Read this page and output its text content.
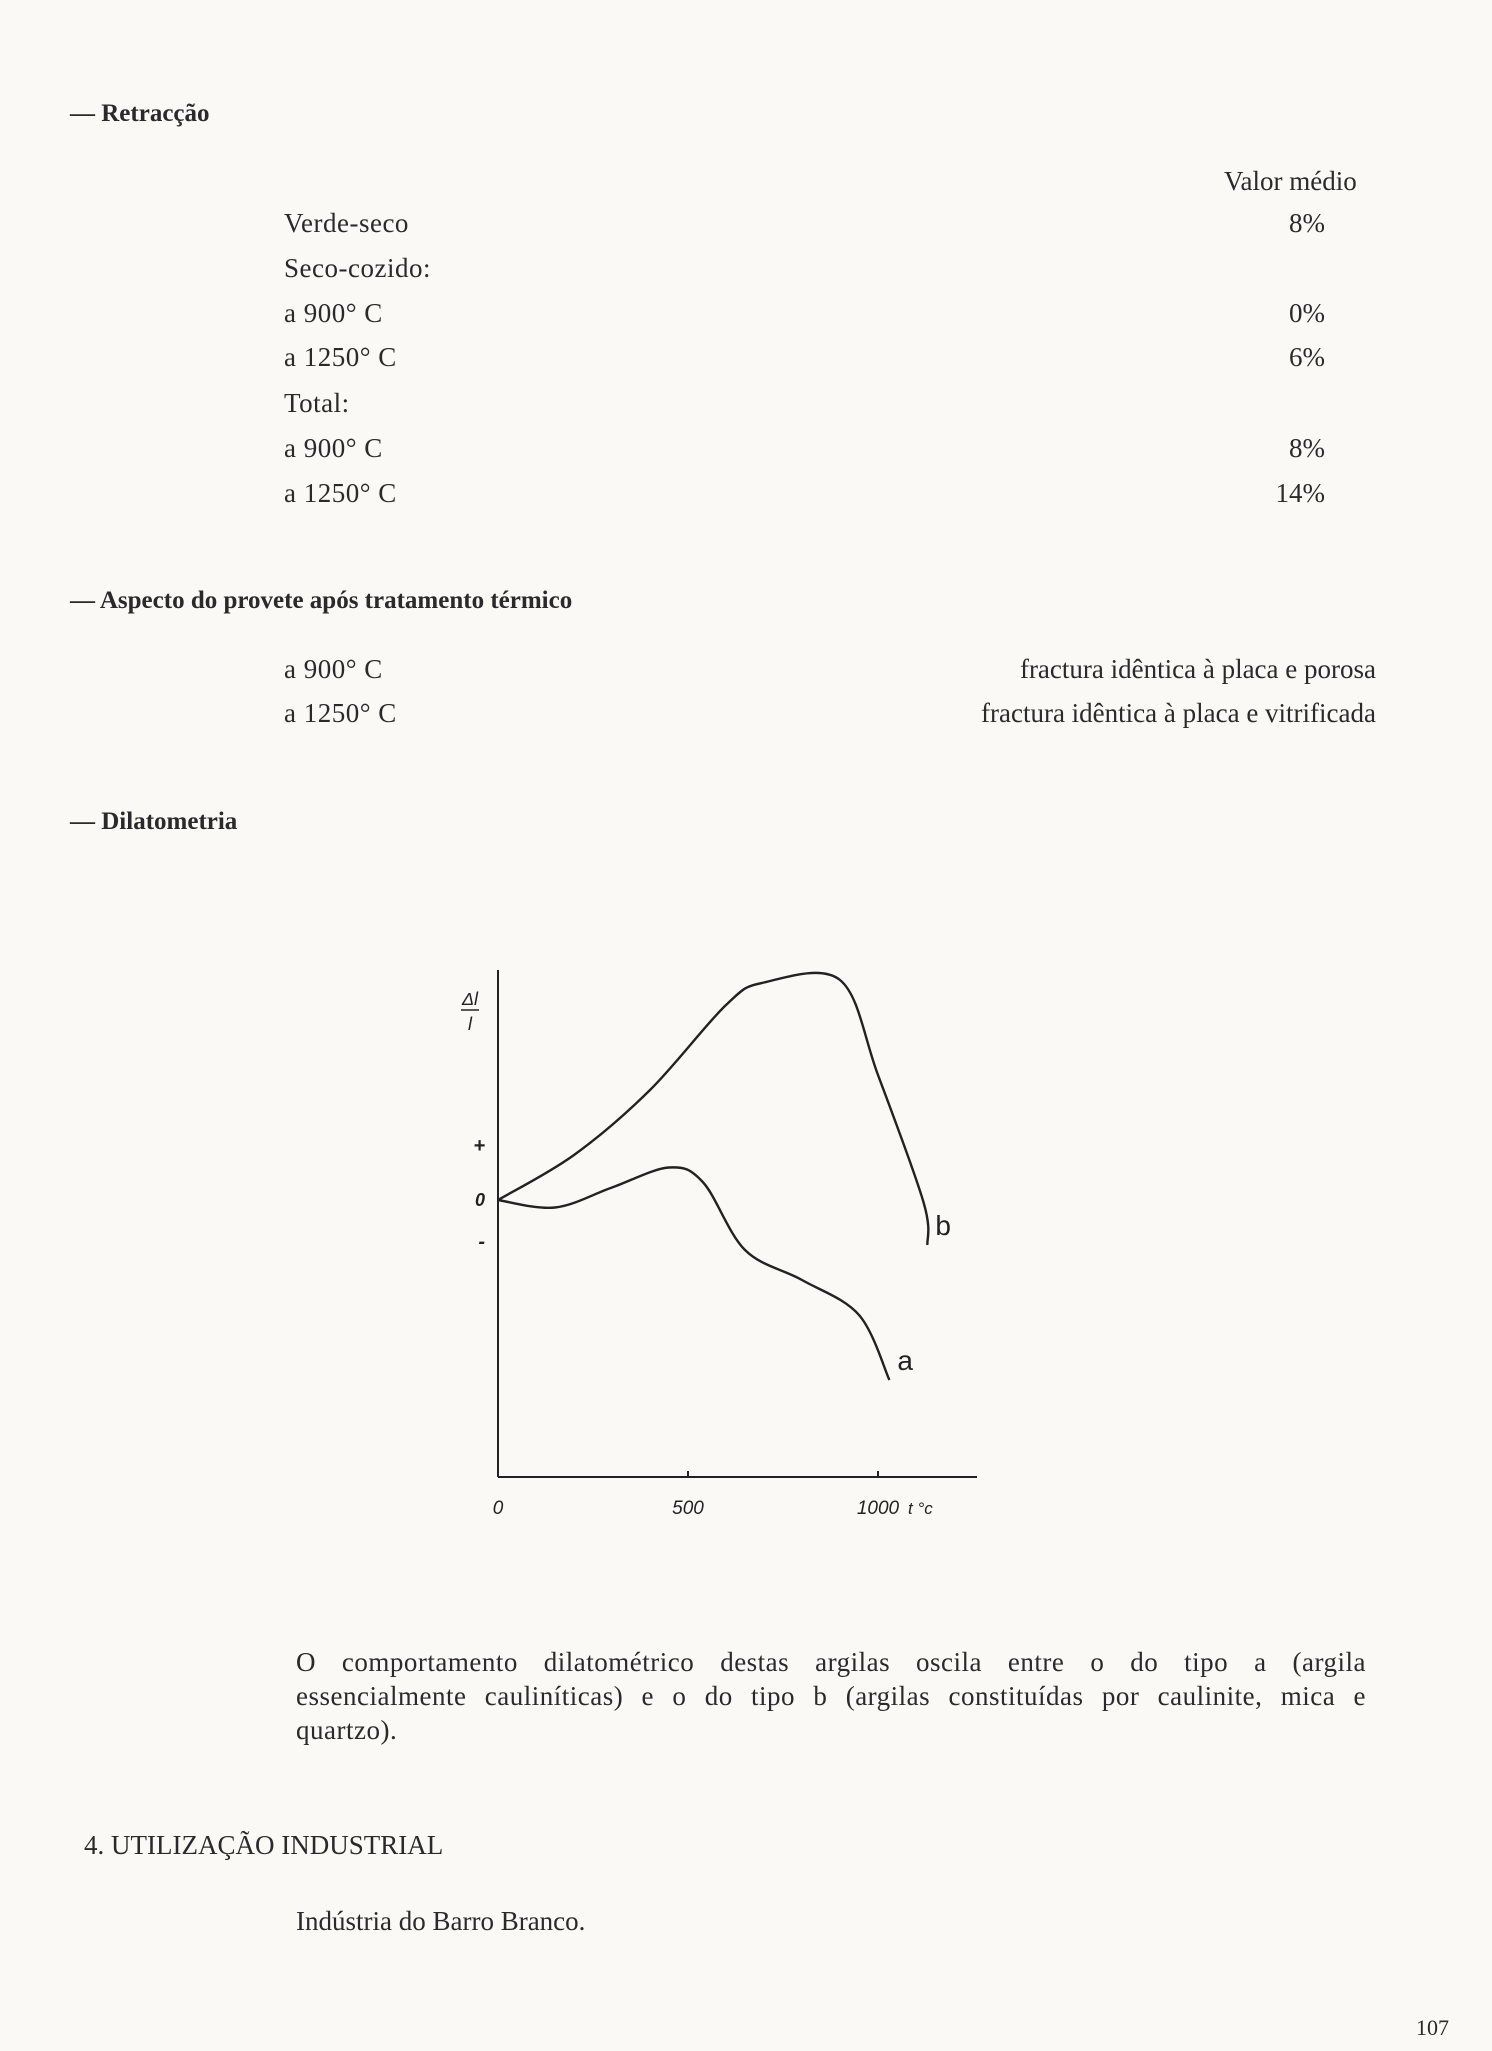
— Retracção
Valor médio
Verde-seco	8%
Seco-cozido:
a 900° C	0%
a 1250° C	6%
Total:
a 900° C	8%
a 1250° C	14%
— Aspecto do provete após tratamento térmico
a 900° C	fractura idêntica à placa e porosa
a 1250° C	fractura idêntica à placa e vitrificada
— Dilatometria
0	500	1000 t °c
Δl
l
+
0
-
a
b
O comportamento dilatométrico destas argilas oscila entre o do tipo a (argila essencialmente cauliníticas) e o do tipo b (argilas constituídas por caulinite, mica e quartzo).
4. UTILIZAÇÃO INDUSTRIAL
Indústria do Barro Branco.
107
